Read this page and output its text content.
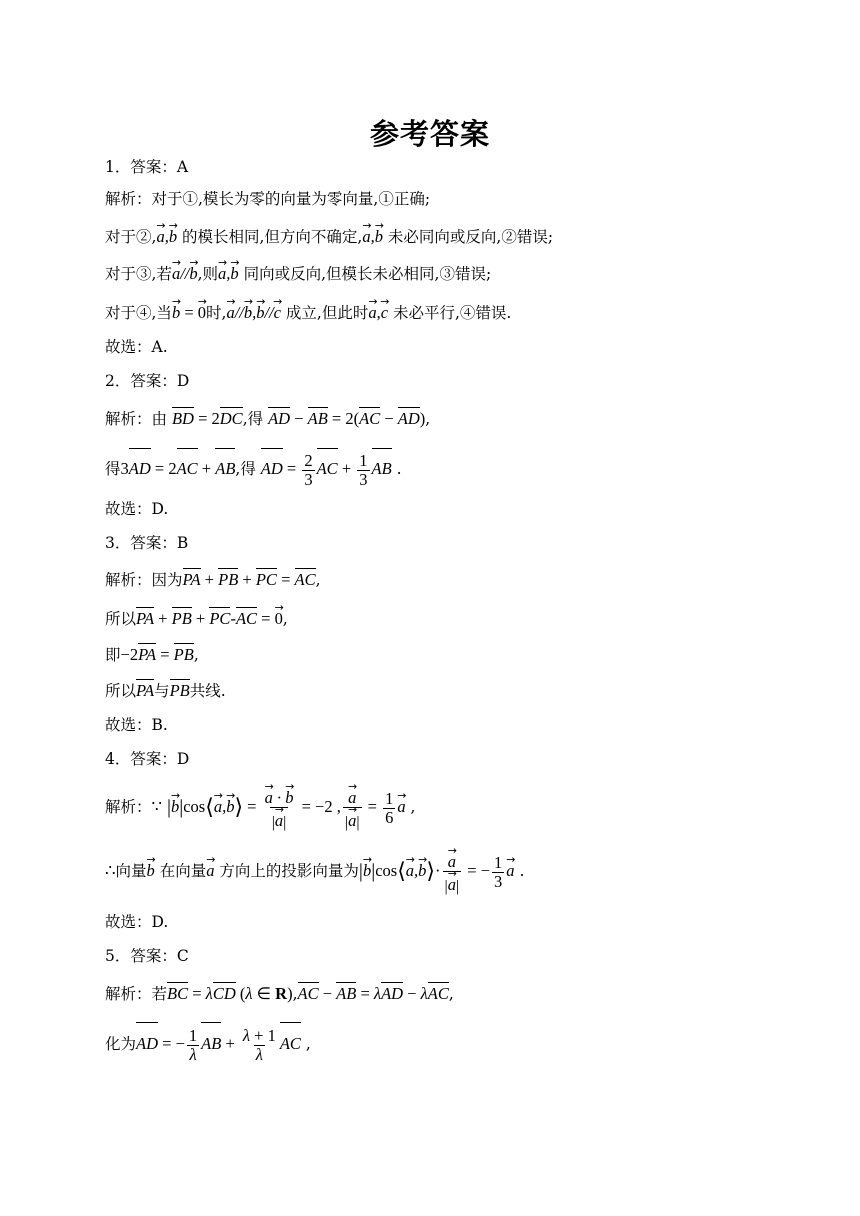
参考答案
1．答案：A
解析：对于①,模长为零的向量为零向量,①正确;
对于②,→ a,→ b 的模长相同,但方向不确定,→ a,→ b 未必同向或反向,②错误;
对于③,若→ a//→ b,则→ a,→ b 同向或反向,但模长未必相同,③错误;
对于④,当→ b = → 0时,→ a//→ b,→ b//→ c 成立,但此时→ a,→ c 未必平行,④错误.
故选：A.
2．答案：D
解析：由 BD = 2
DC,得 AD −
AB = 2(
AC −
AD),
得3
AD = 2
AC +
AB,得 AD = $\frac{2}{3}$ AC + $\frac{1}{3}$ AB .
故选：D.
3．答案：B
解析：因为
PA +
PB +
PC =
AC,
所以
PA +
PB +
PC-
AC = → 0,
即−2
PA =
PB,
所以
PA与
PB共线.
故选：B.
4．答案：D
解析：∵ |→ b|cos⟨→ a,→ b⟩ =
→ $\frac{a \cdot \to b}{|\to a|} = -2$ ,
→ $\frac{a}{|\to a|} = \frac{1}{6}$
→ a ,
∴向量→ b 在向量→ a 方向上的投影向量为|→ b|cos⟨→ a,→ b⟩·
→ $\frac{a}{|\to a|}$ = − $\frac{1}{3}$
→ a .
故选：D.
5．答案：C
解析：若
BC = λ
CD (λ ∈ R),
AC −
AB = λ
AD − λ
AC,
化为
AD = − $\frac{1}{\lambda}$ AB + $\frac{\lambda + 1}{\lambda}$ AC ,
